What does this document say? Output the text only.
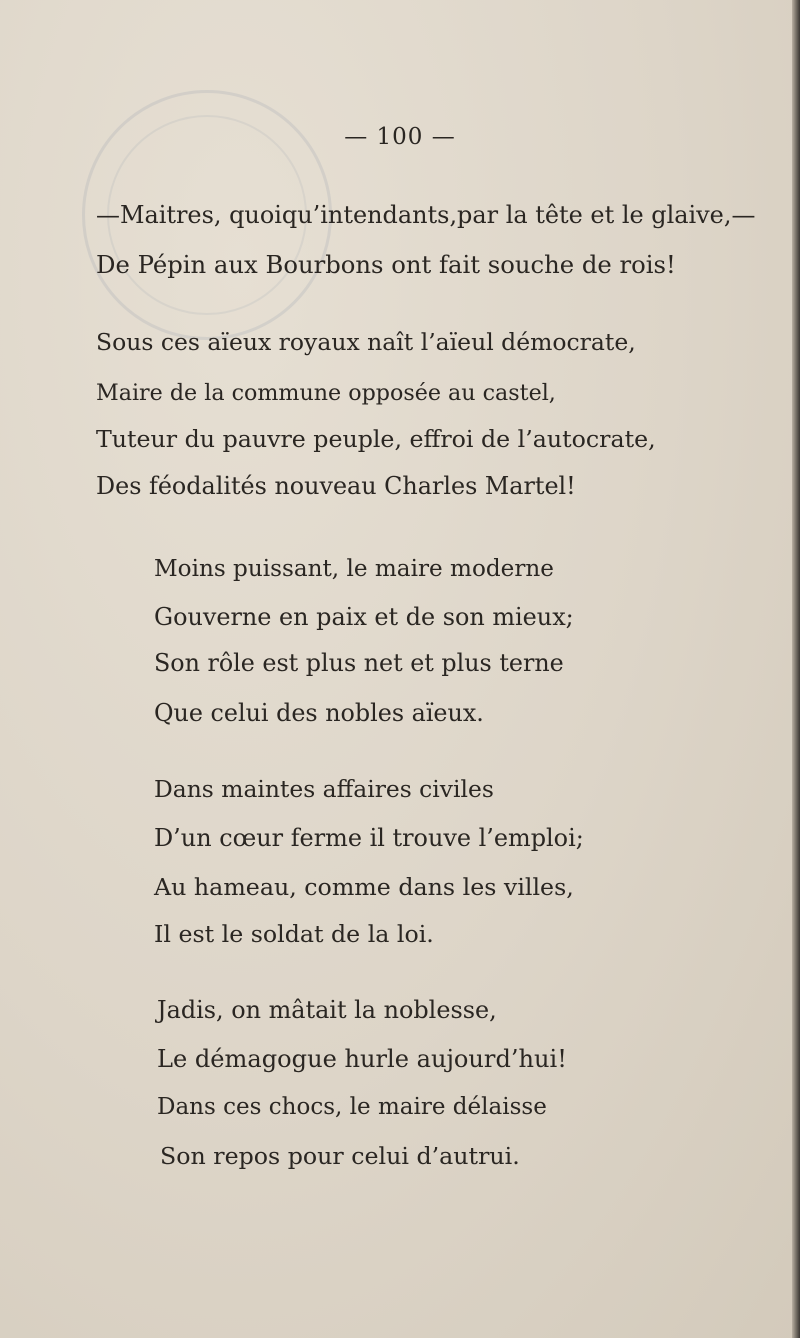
— 100 —
—Maitres, quoiqu’intendants,par la tête et le glaive,—
De Pépin aux Bourbons ont fait souche de rois!
Sous ces aïeux royaux naît l’aïeul démocrate,
Maire de la commune opposée au castel,
Tuteur du pauvre peuple, effroi de l’autocrate,
Des féodalités nouveau Charles Martel!
Moins puissant, le maire moderne
Gouverne en paix et de son mieux;
Son rôle est plus net et plus terne
Que celui des nobles aïeux.
Dans maintes affaires civiles
D’un cœur ferme il trouve l’emploi;
Au hameau, comme dans les villes,
Il est le soldat de la loi.
Jadis, on mâtait la noblesse,
Le démagogue hurle aujourd’hui!
Dans ces chocs, le maire délaisse
Son repos pour celui d’autrui.
